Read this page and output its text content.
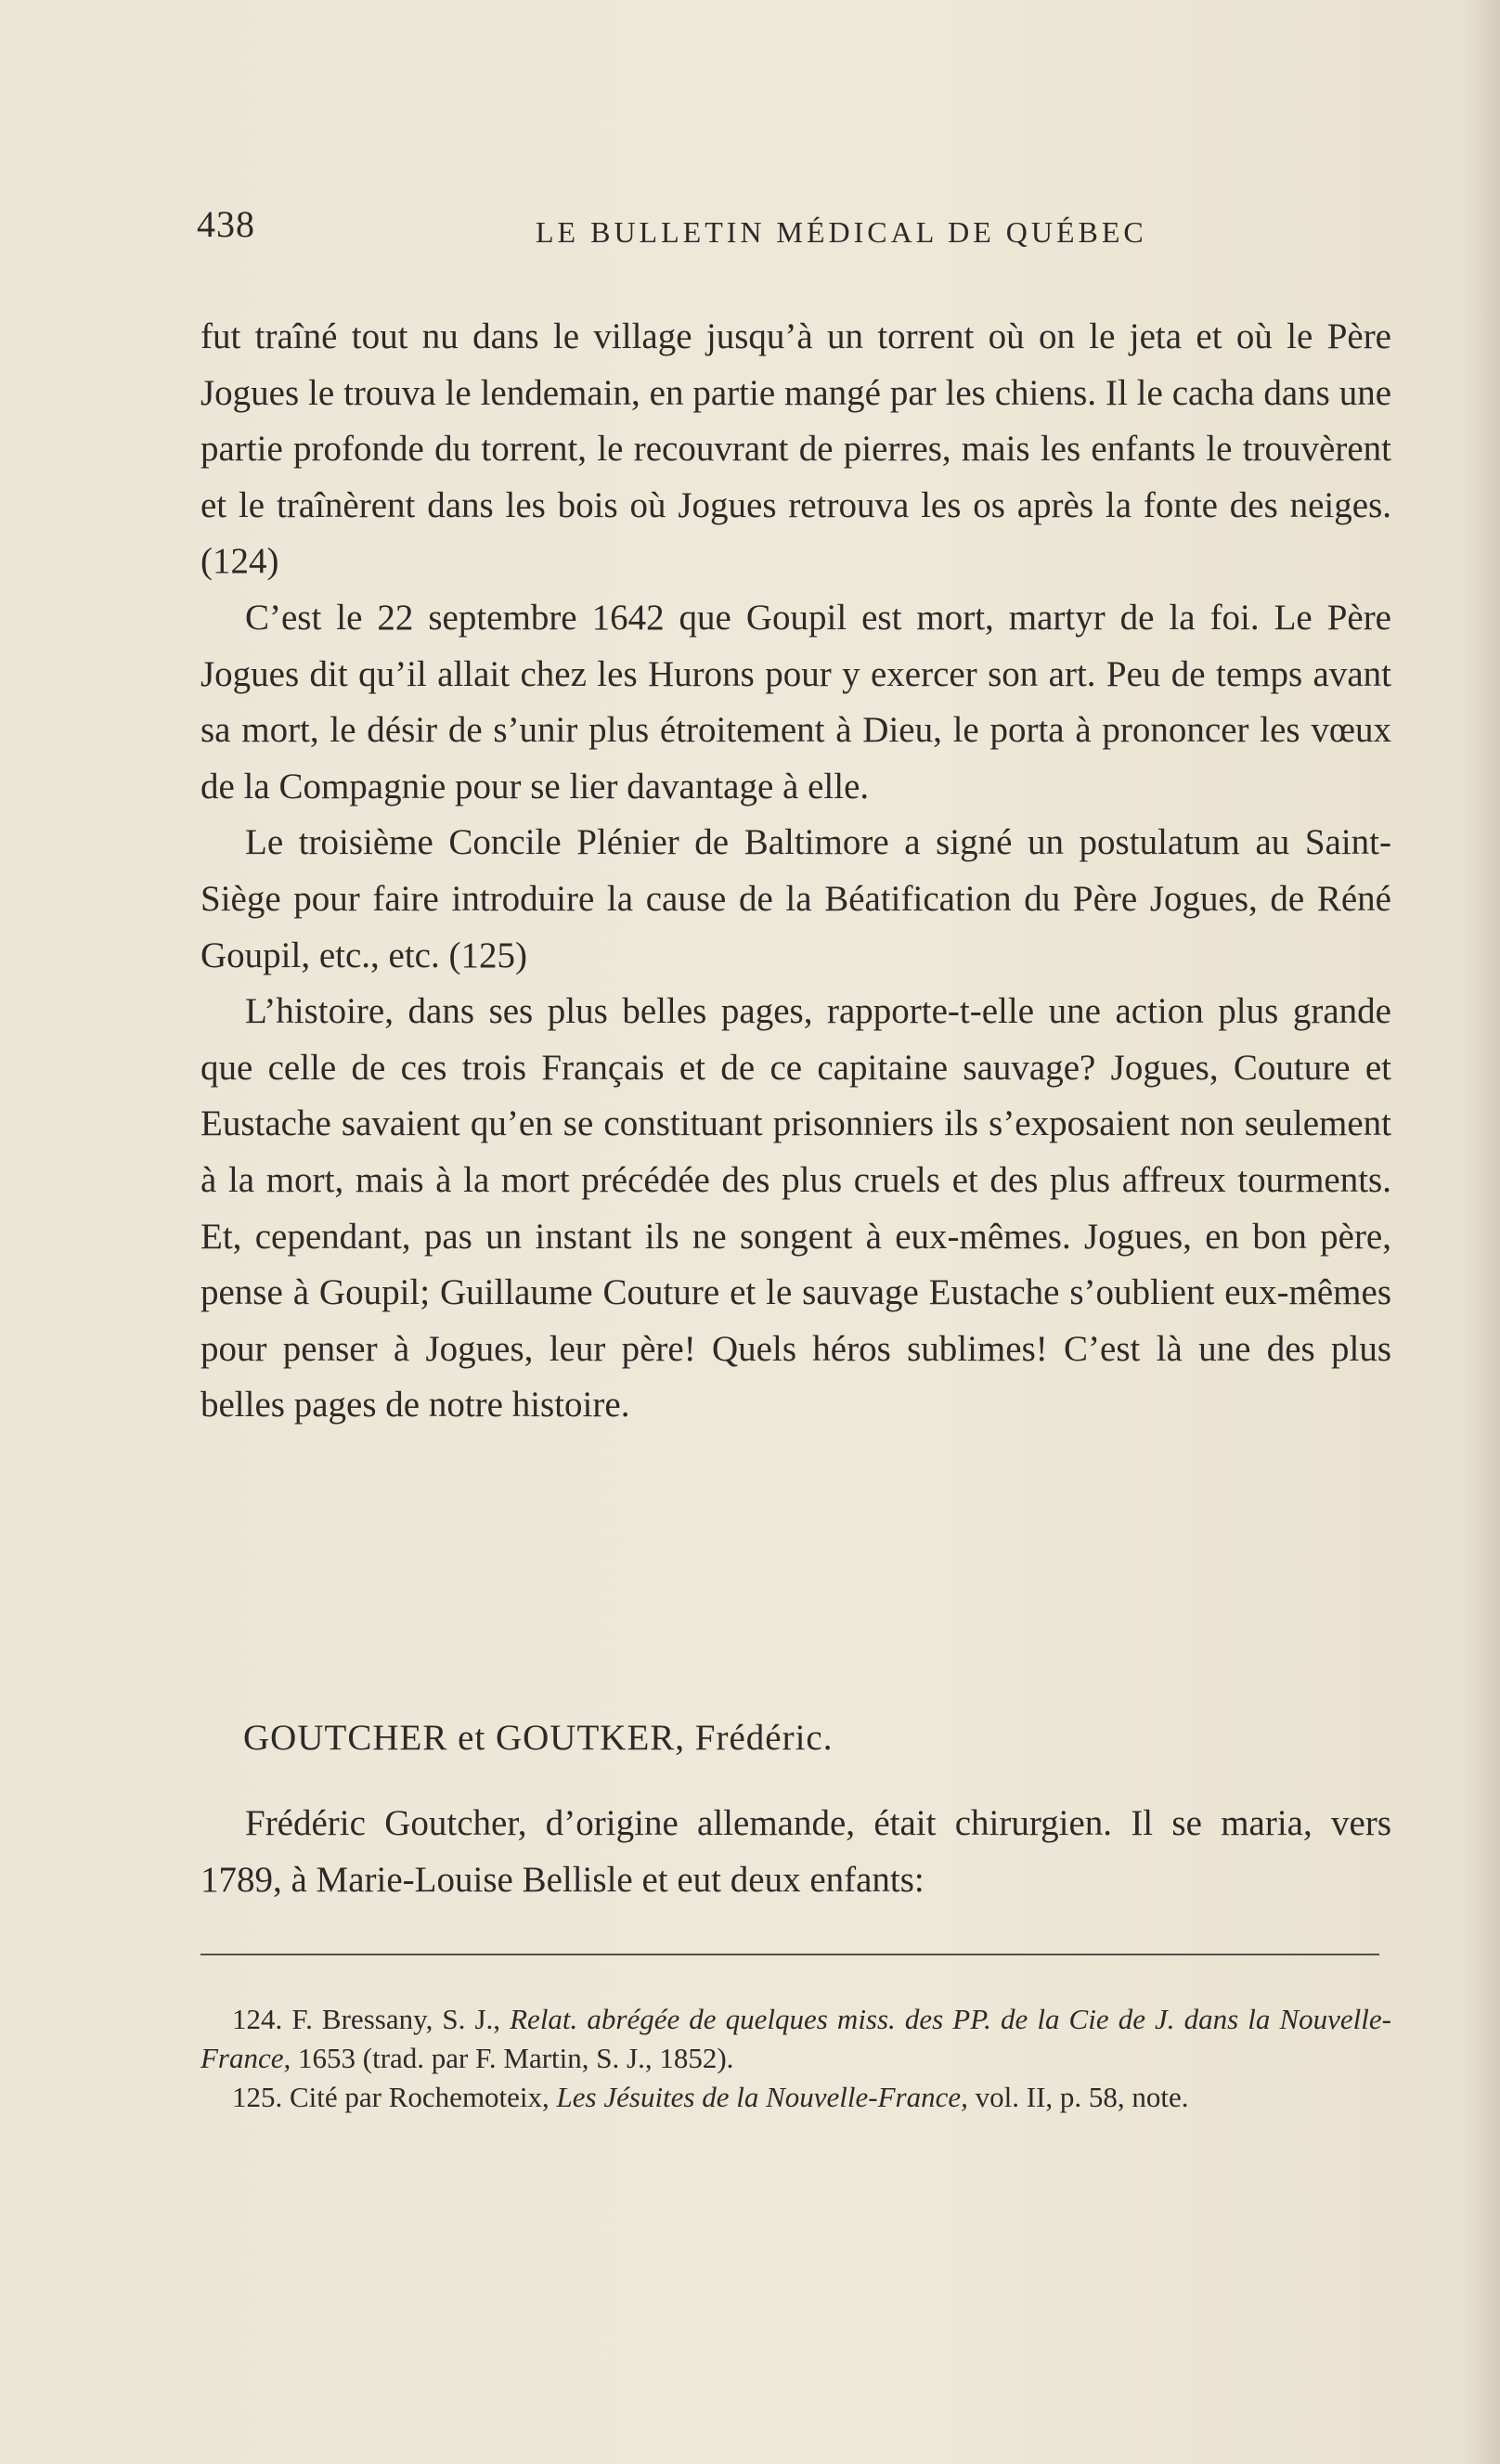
438	LE BULLETIN MÉDICAL DE QUÉBEC

fut traîné tout nu dans le village jusqu’à un torrent où on le jeta et où le Père Jogues le trouva le lendemain, en partie mangé par les chiens. Il le cacha dans une partie profonde du torrent, le recouvrant de pierres, mais les enfants le trouvèrent et le traînèrent dans les bois où Jogues retrouva les os après la fonte des neiges. (124)

C’est le 22 septembre 1642 que Goupil est mort, martyr de la foi. Le Père Jogues dit qu’il allait chez les Hurons pour y exercer son art. Peu de temps avant sa mort, le désir de s’unir plus étroitement à Dieu, le porta à prononcer les vœux de la Compagnie pour se lier davantage à elle.

Le troisième Concile Plénier de Baltimore a signé un postulatum au Saint-Siège pour faire introduire la cause de la Béatification du Père Jogues, de Réné Goupil, etc., etc. (125)

L’histoire, dans ses plus belles pages, rapporte-t-elle une action plus grande que celle de ces trois Français et de ce capitaine sauvage? Jogues, Couture et Eustache savaient qu’en se constituant prisonniers ils s’exposaient non seulement à la mort, mais à la mort précédée des plus cruels et des plus affreux tourments. Et, cependant, pas un instant ils ne songent à eux-mêmes. Jogues, en bon père, pense à Goupil; Guillaume Couture et le sauvage Eustache s’oublient eux-mêmes pour penser à Jogues, leur père! Quels héros sublimes! C’est là une des plus belles pages de notre histoire.

GOUTCHER et GOUTKER, Frédéric.

Frédéric Goutcher, d’origine allemande, était chirurgien. Il se maria, vers 1789, à Marie-Louise Bellisle et eut deux enfants:

124. F. Bressany, S. J., Relat. abrégée de quelques miss. des PP. de la Cie de J. dans la Nouvelle-France, 1653 (trad. par F. Martin, S. J., 1852).

125. Cité par Rochemoteix, Les Jésuites de la Nouvelle-France, vol. II, p. 58, note.
